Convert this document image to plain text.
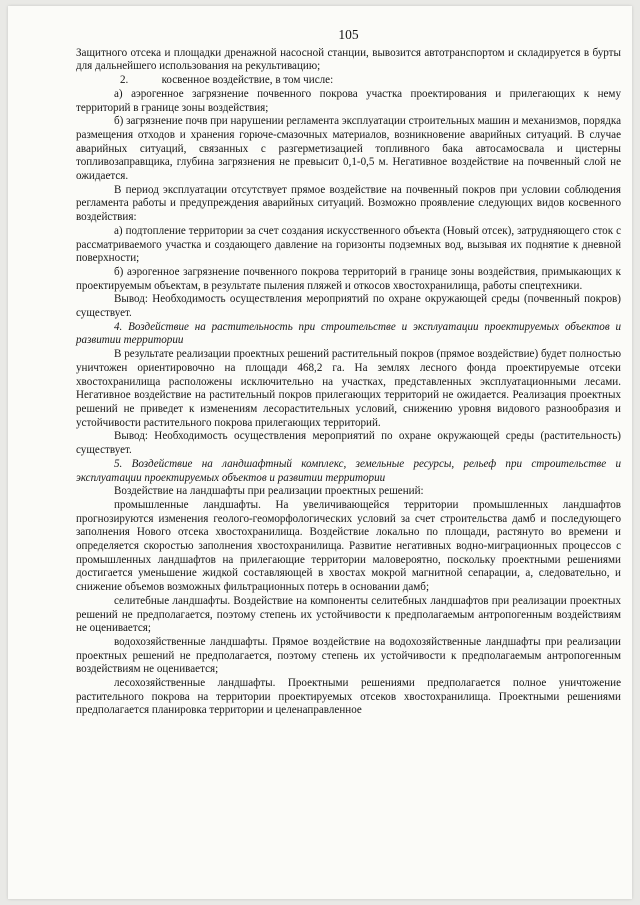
105

Защитного отсека и площадки дренажной насосной станции, вывозится автотранспортом и складируется в бурты для дальнейшего использования на рекультивацию;

2.            косвенное воздействие, в том числе:

а) аэрогенное загрязнение почвенного покрова участка проектирования и прилегающих к нему территорий в границе зоны воздействия;

б) загрязнение почв при нарушении регламента эксплуатации строительных машин и механизмов, порядка размещения отходов и хранения горюче-смазочных материалов, возникновение аварийных ситуаций. В случае аварийных ситуаций, связанных с разгерметизацией топливного бака автосамосвала и цистерны топливозаправщика, глубина загрязнения не превысит 0,1-0,5 м. Негативное воздействие на почвенный слой не ожидается.

В период эксплуатации отсутствует прямое воздействие на почвенный покров при условии соблюдения регламента работы и предупреждения аварийных ситуаций. Возможно проявление следующих видов косвенного воздействия:

а) подтопление территории за счет создания искусственного объекта (Новый отсек), затрудняющего сток с рассматриваемого участка и создающего давление на горизонты подземных вод, вызывая их поднятие к дневной поверхности;

б) аэрогенное загрязнение почвенного покрова территорий в границе зоны воздействия, примыкающих к проектируемым объектам, в результате пыления пляжей и откосов хвостохранилища, работы спецтехники.

Вывод: Необходимость осуществления мероприятий по охране окружающей среды (почвенный покров) существует.

4. Воздействие на растительность при строительстве и эксплуатации проектируемых объектов и развитии территории

В результате реализации проектных решений растительный покров (прямое воздействие) будет полностью уничтожен ориентировочно на площади 468,2 га. На землях лесного фонда проектируемые отсеки хвостохранилища расположены исключительно на участках, представленных эксплуатационными лесами. Негативное воздействие на растительный покров прилегающих территорий не ожидается. Реализация проектных решений не приведет к изменениям лесорастительных условий, снижению уровня видового разнообразия и устойчивости растительного покрова прилегающих территорий.

Вывод: Необходимость осуществления мероприятий по охране окружающей среды (растительность) существует.

5. Воздействие на ландшафтный комплекс, земельные ресурсы, рельеф при строительстве и эксплуатации проектируемых объектов и развитии территории

Воздействие на ландшафты при реализации проектных решений:

промышленные ландшафты. На увеличивающейся территории промышленных ландшафтов прогнозируются изменения геолого-геоморфологических условий за счет строительства дамб и последующего заполнения Нового отсека хвостохранилища. Воздействие локально по площади, растянуто во времени и определяется скоростью заполнения хвостохранилища. Развитие негативных водно-миграционных процессов с промышленных ландшафтов на прилегающие территории маловероятно, поскольку проектными решениями достигается уменьшение жидкой составляющей в хвостах мокрой магнитной сепарации, а, следовательно, и снижение объемов возможных фильтрационных потерь в основании дамб;

селитебные ландшафты. Воздействие на компоненты селитебных ландшафтов при реализации проектных решений не предполагается, поэтому степень их устойчивости к предполагаемым антропогенным воздействиям не оценивается;

водохозяйственные ландшафты. Прямое воздействие на водохозяйственные ландшафты при реализации проектных решений не предполагается, поэтому степень их устойчивости к предполагаемым антропогенным воздействиям не оценивается;

лесохозяйственные ландшафты. Проектными решениями предполагается полное уничтожение растительного покрова на территории проектируемых отсеков хвостохранилища. Проектными решениями предполагается планировка территории и целенаправленное
